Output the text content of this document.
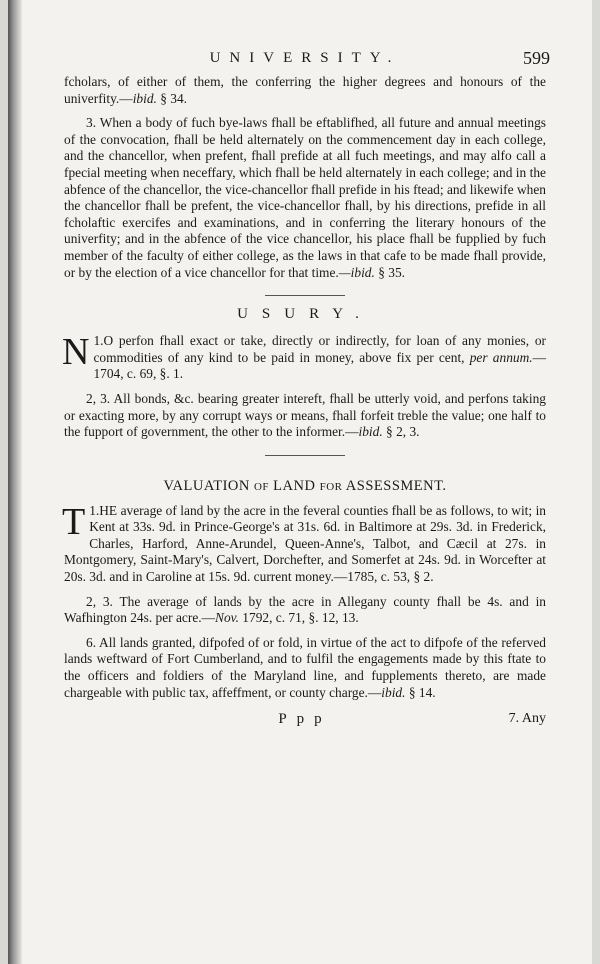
UNIVERSITY.	599

fcholars, of either of them, the conferring the higher degrees and honours of the univerfity.—ibid. § 34.

3. When a body of fuch bye-laws fhall be eftablifhed, all future and annual meetings of the convocation, fhall be held alternately on the commencement day in each college, and the chancellor, when prefent, fhall prefide at all fuch meetings, and may alfo call a fpecial meeting when neceffary, which fhall be held alternately in each college; and in the abfence of the chancellor, the vice-chancellor fhall prefide in his ftead; and likewife when the chancellor fhall be prefent, the vice-chancellor fhall, by his directions, prefide in all fcholaftic exercifes and examinations, and in conferring the literary honours of the univerfity; and in the abfence of the vice chancellor, his place fhall be fupplied by fuch member of the faculty of either college, as the laws in that cafe to be made fhall provide, or by the election of a vice chancellor for that time.—ibid. § 35.

USURY.

1.
N O perfon fhall exact or take, directly or indirectly, for loan of any monies, or commodities of any kind to be paid in money, above fix per cent, per annum.—1704, c. 69, §. 1.

2, 3. All bonds, &c. bearing greater intereft, fhall be utterly void, and perfons taking or exacting more, by any corrupt ways or means, fhall forfeit treble the value; one half to the fupport of government, the other to the informer.—ibid. § 2, 3.

VALUATION OF LAND FOR ASSESSMENT.

1.
T HE average of land by the acre in the feveral counties fhall be as follows, to wit; in Kent at 33s. 9d. in Prince-George's at 31s. 6d. in Baltimore at 29s. 3d. in Frederick, Charles, Harford, Anne-Arundel, Queen-Anne's, Talbot, and Cæcil at 27s. in Montgomery, Saint-Mary's, Calvert, Dorchefter, and Somerfet at 24s. 9d. in Worcefter at 20s. 3d. and in Caroline at 15s. 9d. current money.—1785, c. 53, § 2.

2, 3. The average of lands by the acre in Allegany county fhall be 4s. and in Wafhington 24s. per acre.—Nov. 1792, c. 71, §. 12, 13.

6. All lands granted, difpofed of or fold, in virtue of the act to difpofe of the referved lands weftward of Fort Cumberland, and to fulfil the engagements made by this ftate to the officers and foldiers of the Maryland line, and fupplements thereto, are made chargeable with public tax, affeffment, or county charge.—ibid. § 14.

Ppp	7. Any
